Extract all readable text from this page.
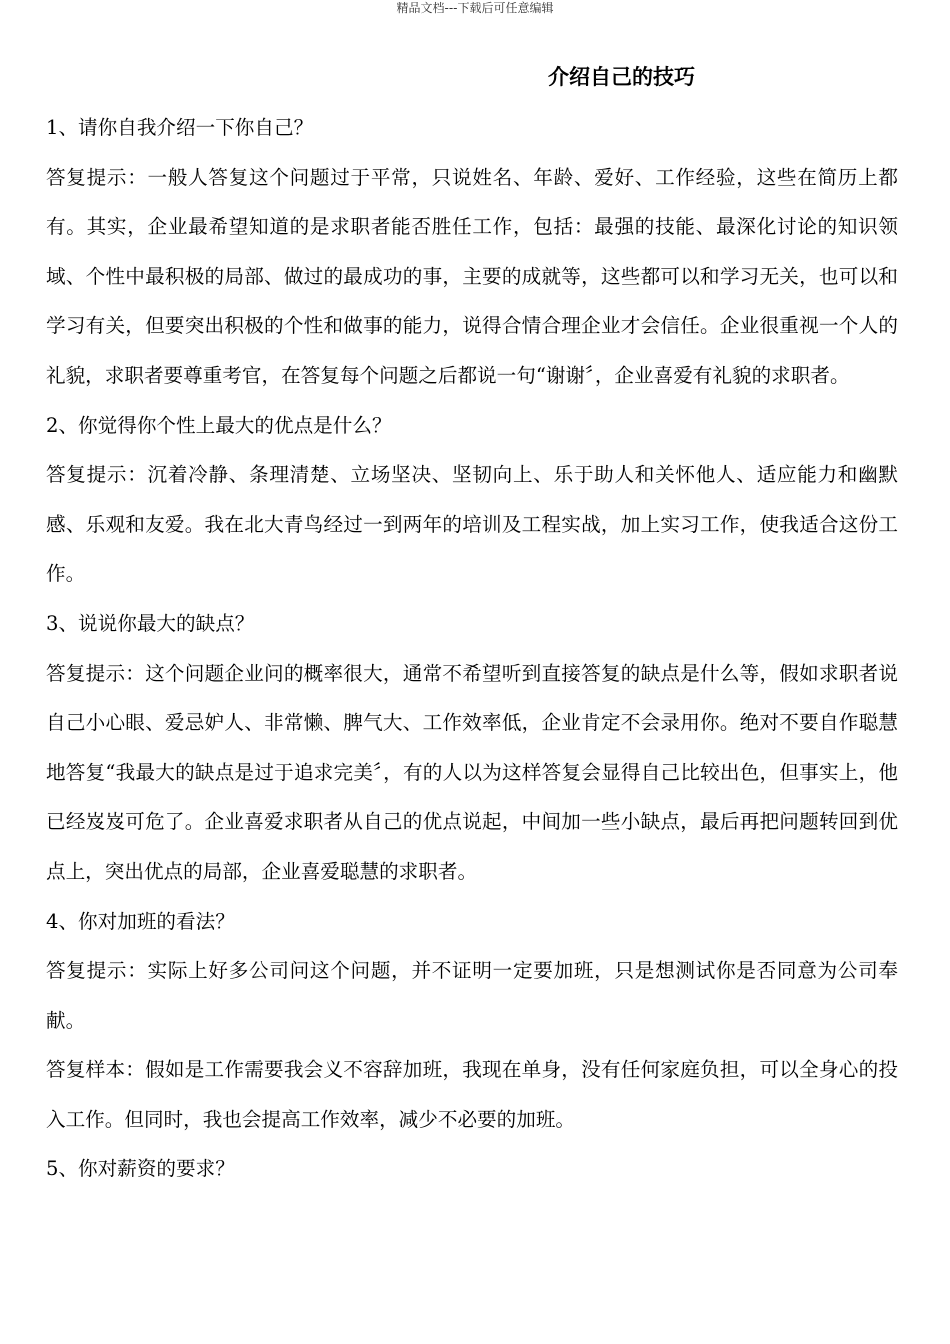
精品文档---下载后可任意编辑
介绍自己的技巧

1、请你自我介绍一下你自己？

答复提示：一般人答复这个问题过于平常，只说姓名、年龄、爱好、工作经验，这些在简历上都有。其实，企业最希望知道的是求职者能否胜任工作，包括：最强的技能、最深化讨论的知识领域、个性中最积极的局部、做过的最成功的事，主要的成就等，这些都可以和学习无关，也可以和学习有关，但要突出积极的个性和做事的能力，说得合情合理企业才会信任。企业很重视一个人的礼貌，求职者要尊重考官，在答复每个问题之后都说一句“谢谢〞，企业喜爱有礼貌的求职者。

2、你觉得你个性上最大的优点是什么？

答复提示：沉着冷静、条理清楚、立场坚决、坚韧向上、乐于助人和关怀他人、适应能力和幽默感、乐观和友爱。我在北大青鸟经过一到两年的培训及工程实战，加上实习工作，使我适合这份工作。

3、说说你最大的缺点？

答复提示：这个问题企业问的概率很大，通常不希望听到直接答复的缺点是什么等，假如求职者说自己小心眼、爱忌妒人、非常懒、脾气大、工作效率低，企业肯定不会录用你。绝对不要自作聪慧地答复“我最大的缺点是过于追求完美〞，有的人以为这样答复会显得自己比较出色，但事实上，他已经岌岌可危了。企业喜爱求职者从自己的优点说起，中间加一些小缺点，最后再把问题转回到优点上，突出优点的局部，企业喜爱聪慧的求职者。

4、你对加班的看法？

答复提示：实际上好多公司问这个问题，并不证明一定要加班，只是想测试你是否同意为公司奉献。

答复样本：假如是工作需要我会义不容辞加班，我现在单身，没有任何家庭负担，可以全身心的投入工作。但同时，我也会提高工作效率，减少不必要的加班。

5、你对薪资的要求？
